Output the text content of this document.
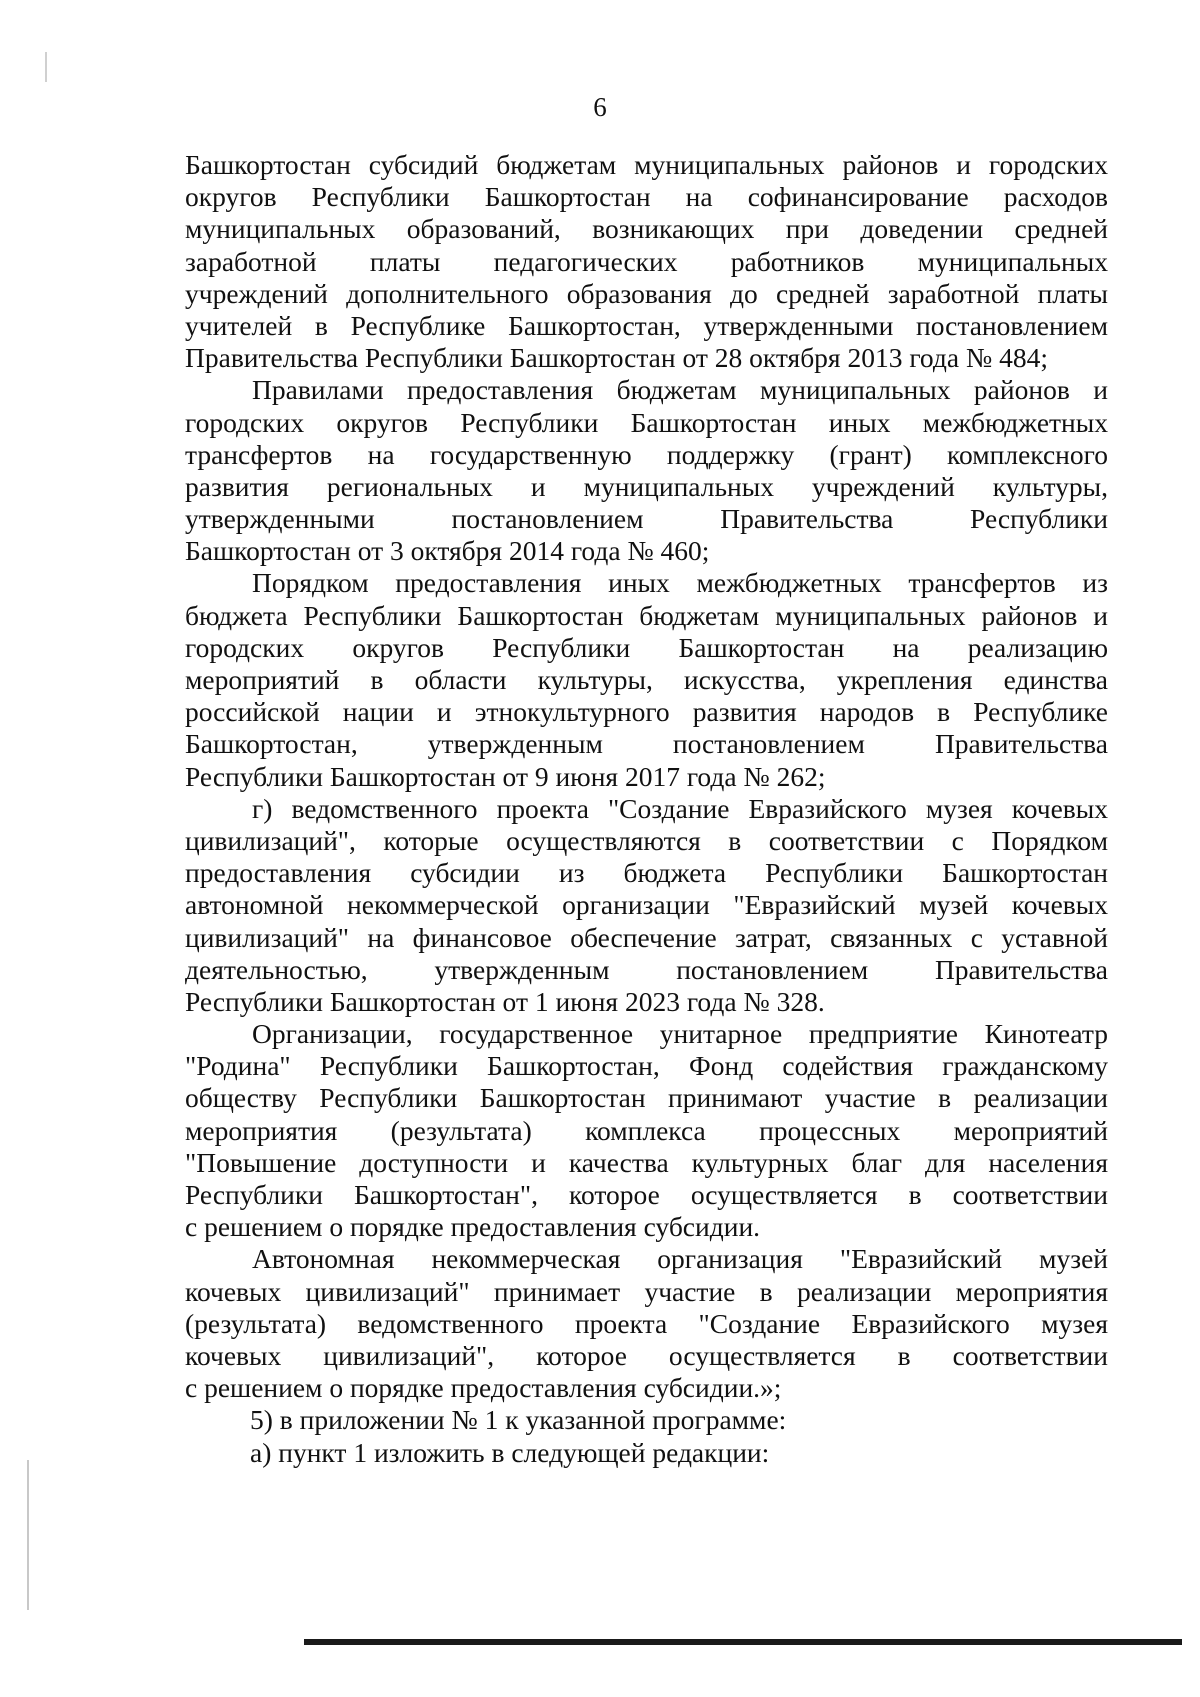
6
Башкортостан субсидий бюджетам муниципальных районов и городских
округов Республики Башкортостан на софинансирование расходов
муниципальных образований, возникающих при доведении средней
заработной платы педагогических работников муниципальных
учреждений дополнительного образования до средней заработной платы
учителей в Республике Башкортостан, утвержденными постановлением
Правительства Республики Башкортостан от 28 октября 2013 года № 484;
Правилами предоставления бюджетам муниципальных районов и
городских округов Республики Башкортостан иных межбюджетных
трансфертов на государственную поддержку (грант) комплексного
развития региональных и муниципальных учреждений культуры,
утвержденными постановлением Правительства Республики
Башкортостан от 3 октября 2014 года № 460;
Порядком предоставления иных межбюджетных трансфертов из
бюджета Республики Башкортостан бюджетам муниципальных районов и
городских округов Республики Башкортостан на реализацию
мероприятий в области культуры, искусства, укрепления единства
российской нации и этнокультурного развития народов в Республике
Башкортостан, утвержденным постановлением Правительства
Республики Башкортостан от 9 июня 2017 года № 262;
г) ведомственного проекта "Создание Евразийского музея кочевых
цивилизаций", которые осуществляются в соответствии с Порядком
предоставления субсидии из бюджета Республики Башкортостан
автономной некоммерческой организации "Евразийский музей кочевых
цивилизаций" на финансовое обеспечение затрат, связанных с уставной
деятельностью, утвержденным постановлением Правительства
Республики Башкортостан от 1 июня 2023 года № 328.
Организации, государственное унитарное предприятие Кинотеатр
"Родина" Республики Башкортостан, Фонд содействия гражданскому
обществу Республики Башкортостан принимают участие в реализации
мероприятия (результата) комплекса процессных мероприятий
"Повышение доступности и качества культурных благ для населения
Республики Башкортостан", которое осуществляется в соответствии
с решением о порядке предоставления субсидии.
Автономная некоммерческая организация "Евразийский музей
кочевых цивилизаций" принимает участие в реализации мероприятия
(результата) ведомственного проекта "Создание Евразийского музея
кочевых цивилизаций", которое осуществляется в соответствии
с решением о порядке предоставления субсидии.»;
5) в приложении № 1 к указанной программе:
а) пункт 1 изложить в следующей редакции:
